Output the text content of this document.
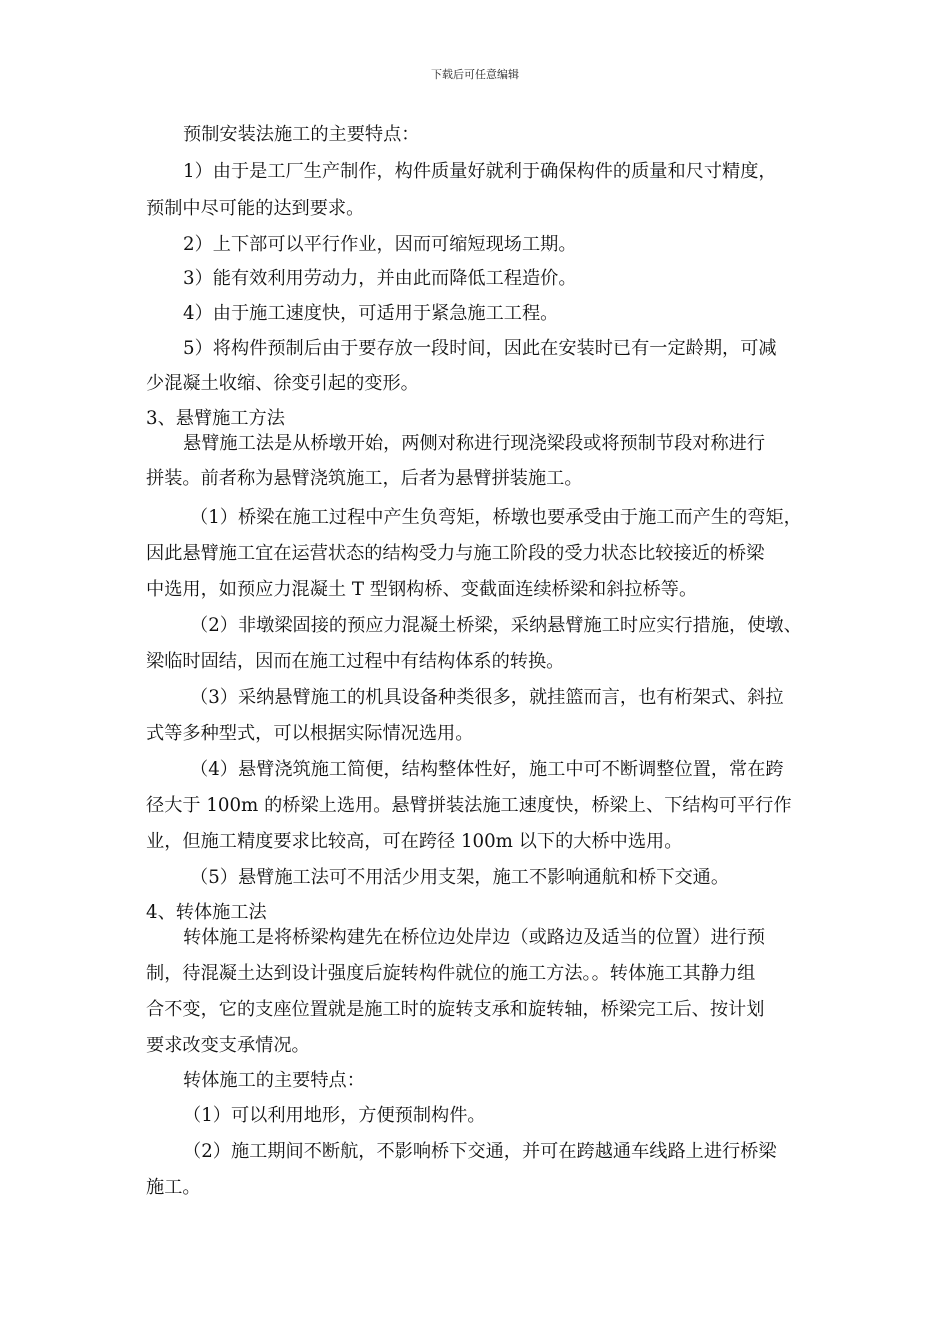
下载后可任意编辑
预制安装法施工的主要特点：
1）由于是工厂生产制作，构件质量好就利于确保构件的质量和尺寸精度，
预制中尽可能的达到要求。
2）上下部可以平行作业，因而可缩短现场工期。
3）能有效利用劳动力，并由此而降低工程造价。
4）由于施工速度快，可适用于紧急施工工程。
5）将构件预制后由于要存放一段时间，因此在安装时已有一定龄期，可减
少混凝土收缩、徐变引起的变形。
3、悬臂施工方法
悬臂施工法是从桥墩开始，两侧对称进行现浇梁段或将预制节段对称进行
拼装。前者称为悬臂浇筑施工，后者为悬臂拼装施工。
（1）桥梁在施工过程中产生负弯矩，桥墩也要承受由于施工而产生的弯矩，
因此悬臂施工宜在运营状态的结构受力与施工阶段的受力状态比较接近的桥梁
中选用，如预应力混凝土 T 型钢构桥、变截面连续桥梁和斜拉桥等。
（2）非墩梁固接的预应力混凝土桥梁，采纳悬臂施工时应实行措施，使墩、
梁临时固结，因而在施工过程中有结构体系的转换。
（3）采纳悬臂施工的机具设备种类很多，就挂篮而言，也有桁架式、斜拉
式等多种型式，可以根据实际情况选用。
（4）悬臂浇筑施工简便，结构整体性好，施工中可不断调整位置，常在跨
径大于 100m 的桥梁上选用。悬臂拼装法施工速度快，桥梁上、下结构可平行作
业，但施工精度要求比较高，可在跨径 100m 以下的大桥中选用。
（5）悬臂施工法可不用活少用支架，施工不影响通航和桥下交通。
4、转体施工法
转体施工是将桥梁构建先在桥位边处岸边（或路边及适当的位置）进行预
制，待混凝土达到设计强度后旋转构件就位的施工方法。。转体施工其静力组
合不变，它的支座位置就是施工时的旋转支承和旋转轴，桥梁完工后、按计划
要求改变支承情况。
转体施工的主要特点：
（1）可以利用地形，方便预制构件。
（2）施工期间不断航，不影响桥下交通，并可在跨越通车线路上进行桥梁
施工。
